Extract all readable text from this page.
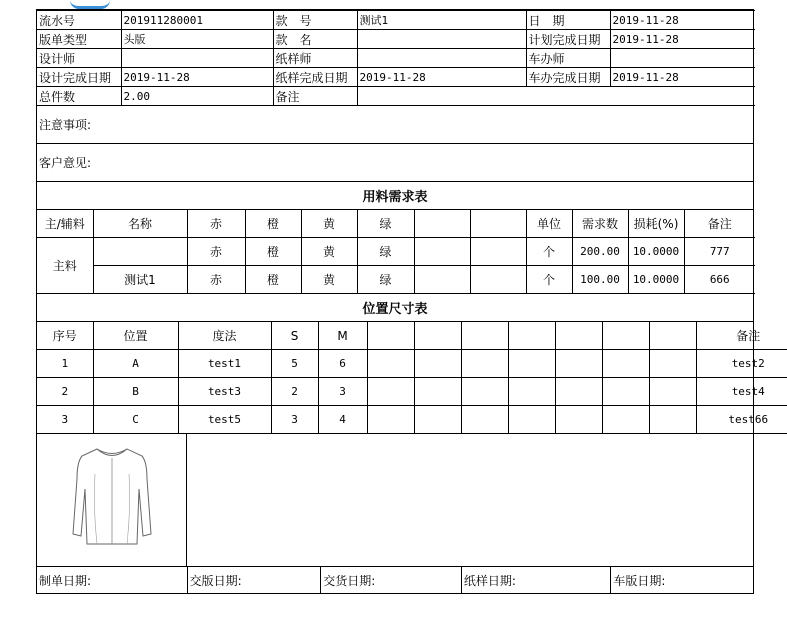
流水号	201911280001	款　号	测试1	日　期	2019-11-28
版单类型	头版	款　名		计划完成日期	2019-11-28
设计师		纸样师		车办师	
设计完成日期	2019-11-28	纸样完成日期	2019-11-28	车办完成日期	2019-11-28
总件数	2.00	备注			
注意事项:
客户意见:
用料需求表
主/辅料	名称	赤	橙	黄	绿			单位	需求数	损耗(%)	备注
主料		赤	橙	黄	绿			个	200.00	10.0000	777
	测试1	赤	橙	黄	绿			个	100.00	10.0000	666
位置尺寸表
序号	位置	度法	S	M								备注
1	A	test1	5	6								test2
2	B	test3	2	3								test4
3	C	test5	3	4								test66
制单日期:	交版日期:	交货日期:	纸样日期:	车版日期:
